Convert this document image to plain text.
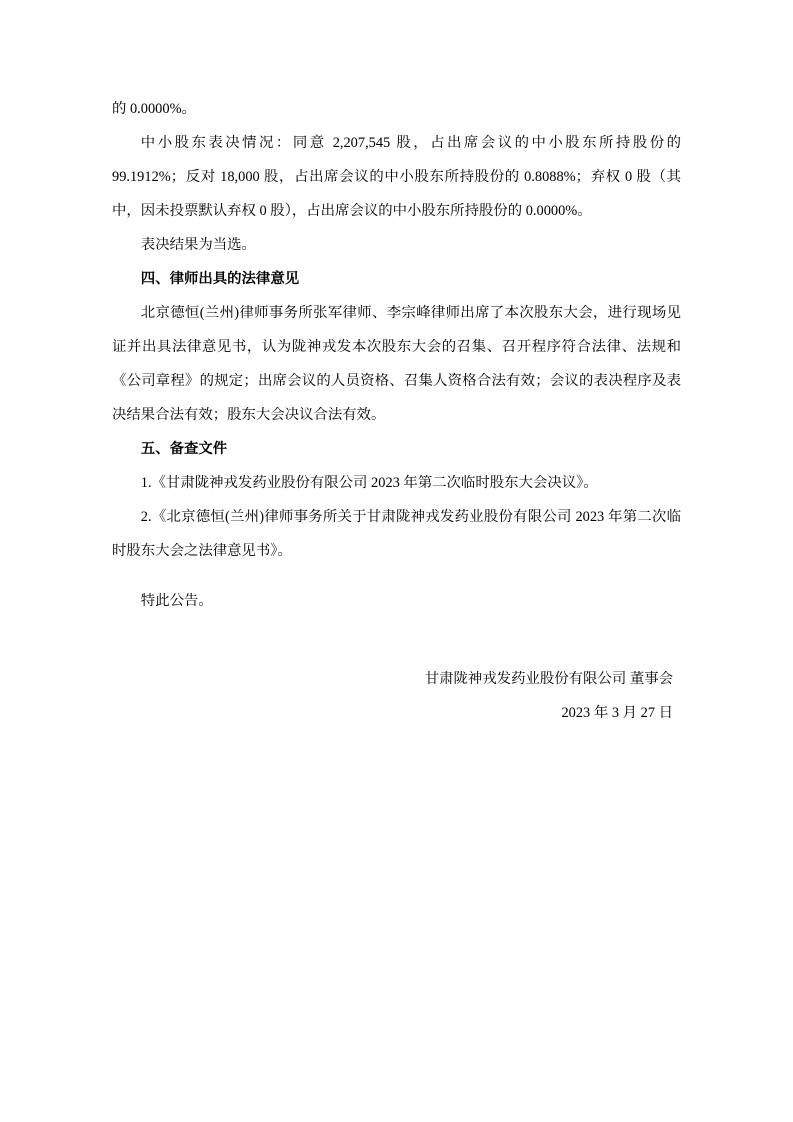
的 0.0000%。

中小股东表决情况：同意 2,207,545 股，占出席会议的中小股东所持股份的 99.1912%；反对 18,000 股，占出席会议的中小股东所持股份的 0.8088%；弃权 0 股（其中，因未投票默认弃权 0 股），占出席会议的中小股东所持股份的 0.0000%。

表决结果为当选。

四、律师出具的法律意见

北京德恒(兰州)律师事务所张军律师、李宗峰律师出席了本次股东大会，进行现场见证并出具法律意见书，认为陇神戎发本次股东大会的召集、召开程序符合法律、法规和《公司章程》的规定；出席会议的人员资格、召集人资格合法有效；会议的表决程序及表决结果合法有效；股东大会决议合法有效。

五、备查文件

1.《甘肃陇神戎发药业股份有限公司 2023 年第二次临时股东大会决议》。

2.《北京德恒(兰州)律师事务所关于甘肃陇神戎发药业股份有限公司 2023 年第二次临时股东大会之法律意见书》。

特此公告。

甘肃陇神戎发药业股份有限公司 董事会
2023 年 3 月 27 日
